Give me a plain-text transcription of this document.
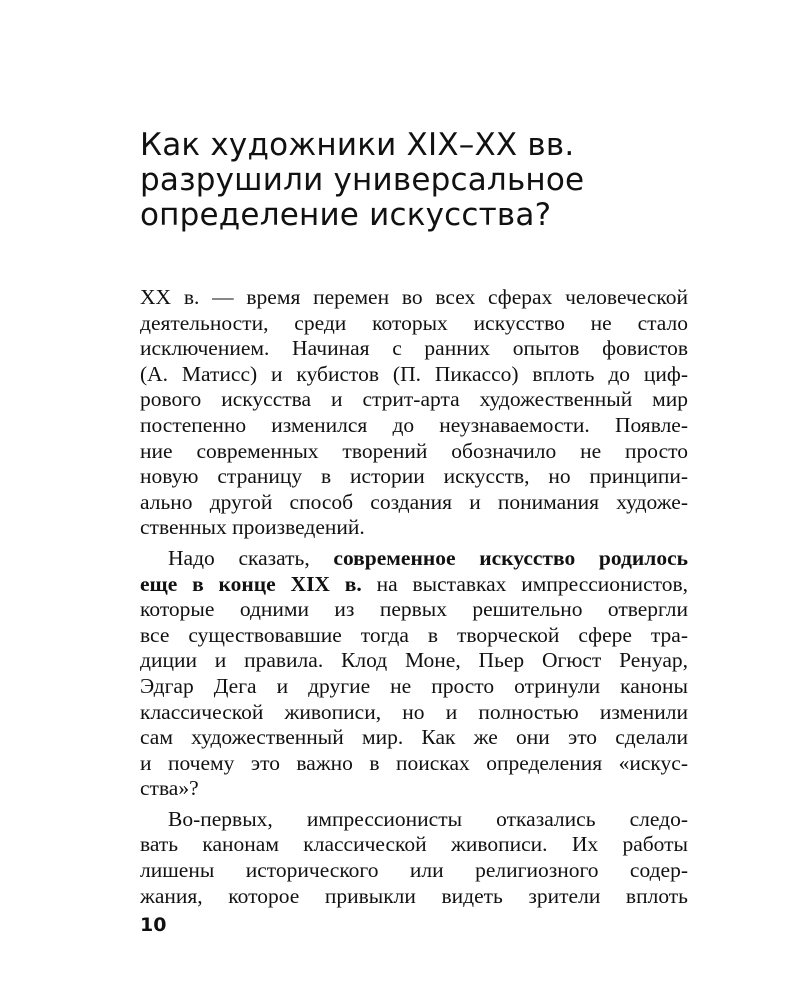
Как художники XIX–XX вв.
разрушили универсальное
определение искусства?
XX в. — время перемен во всех сферах человеческой
деятельности, среди которых искусство не стало
исключением. Начиная с ранних опытов фовистов
(А. Матисс) и кубистов (П. Пикассо) вплоть до циф-
рового искусства и стрит-арта художественный мир
постепенно изменился до неузнаваемости. Появле-
ние современных творений обозначило не просто
новую страницу в истории искусств, но принципи-
ально другой способ создания и понимания художе-
ственных произведений.
Надо сказать, современное искусство родилось
еще в конце XIX в. на выставках импрессионистов,
которые одними из первых решительно отвергли
все существовавшие тогда в творческой сфере тра-
диции и правила. Клод Моне, Пьер Огюст Ренуар,
Эдгар Дега и другие не просто отринули каноны
классической живописи, но и полностью изменили
сам художественный мир. Как же они это сделали
и почему это важно в поисках определения «искус-
ства»?
Во-первых, импрессионисты отказались следо-
вать канонам классической живописи. Их работы
лишены исторического или религиозного содер-
жания, которое привыкли видеть зрители вплоть
10
